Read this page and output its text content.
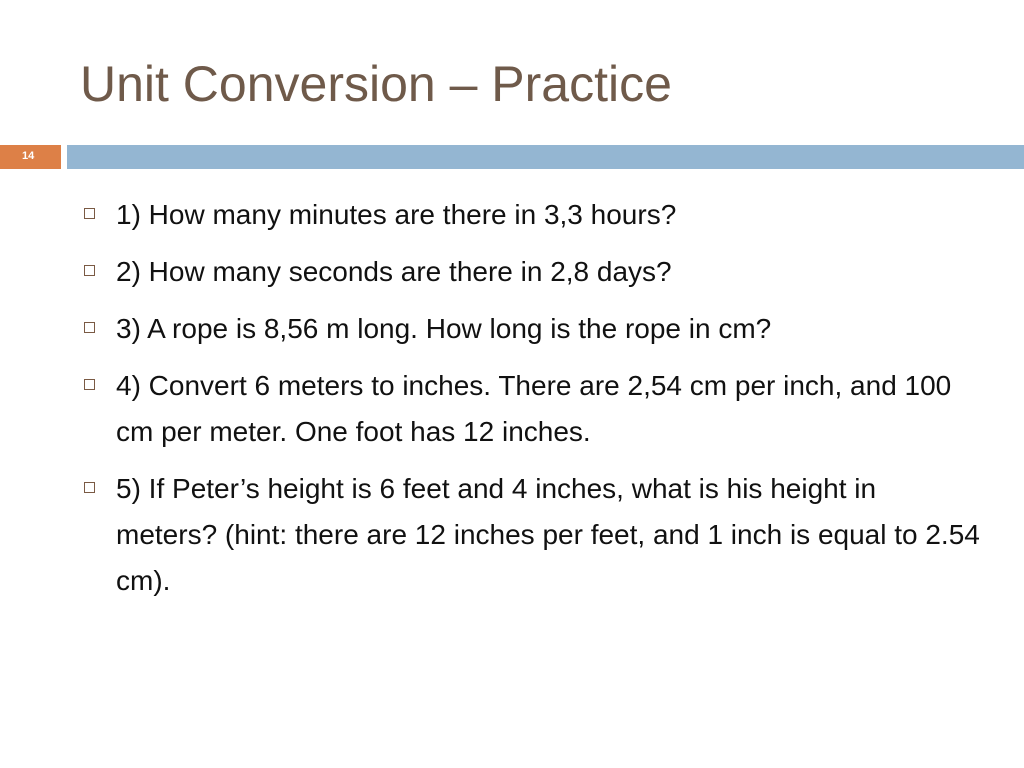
Unit Conversion – Practice
14
1) How many minutes are there in 3,3 hours?
2) How many seconds are there in 2,8 days?
3) A rope is 8,56 m long. How long is the rope in cm?
4) Convert 6 meters to inches. There are 2,54 cm per inch, and 100 cm per meter. One foot has 12 inches.
5) If Peter’s height is 6 feet and 4 inches, what is his height in meters? (hint: there are 12 inches per feet, and 1 inch is equal to 2.54 cm).
